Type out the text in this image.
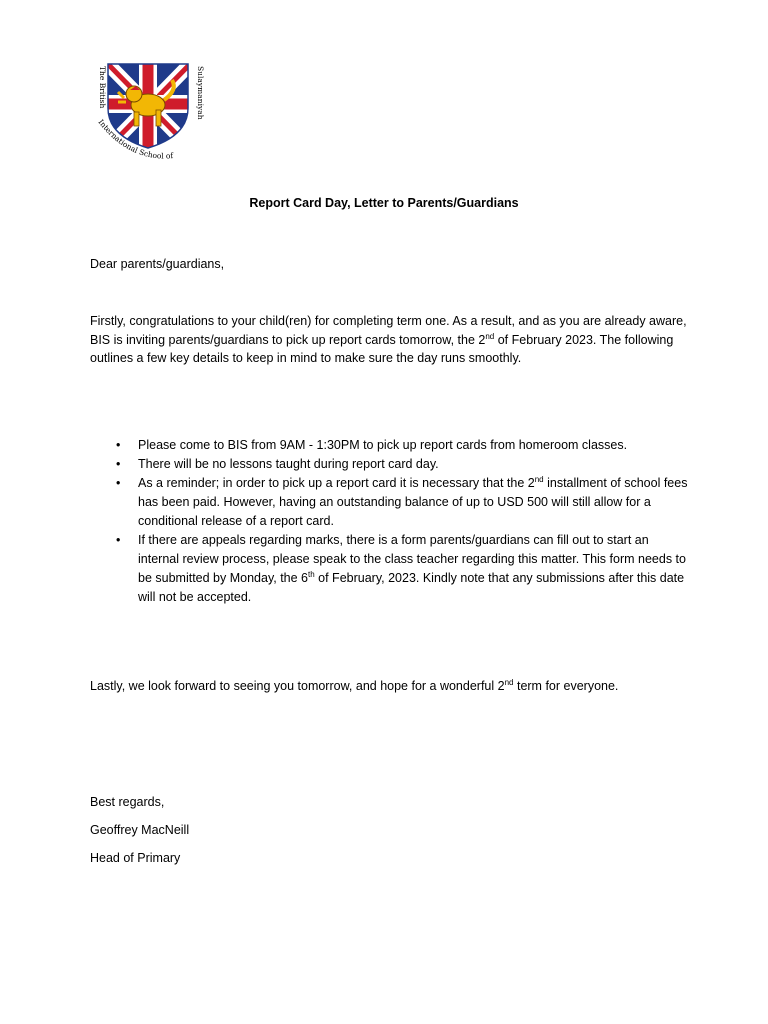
The British
International School of
Sulaymaniyah
Report Card Day, Letter to Parents/Guardians
Dear parents/guardians,
Firstly, congratulations to your child(ren) for completing term one. As a result, and as you are already aware, BIS is inviting parents/guardians to pick up report cards tomorrow, the 2nd of February 2023. The following outlines a few key details to keep in mind to make sure the day runs smoothly.
• Please come to BIS from 9AM - 1:30PM to pick up report cards from homeroom classes.
• There will be no lessons taught during report card day.
• As a reminder; in order to pick up a report card it is necessary that the 2nd installment of school fees has been paid. However, having an outstanding balance of up to USD 500 will still allow for a conditional release of a report card.
• If there are appeals regarding marks, there is a form parents/guardians can fill out to start an internal review process, please speak to the class teacher regarding this matter. This form needs to be submitted by Monday, the 6th of February, 2023. Kindly note that any submissions after this date will not be accepted.
Lastly, we look forward to seeing you tomorrow, and hope for a wonderful 2nd term for everyone.
Best regards,
Geoffrey MacNeill
Head of Primary
